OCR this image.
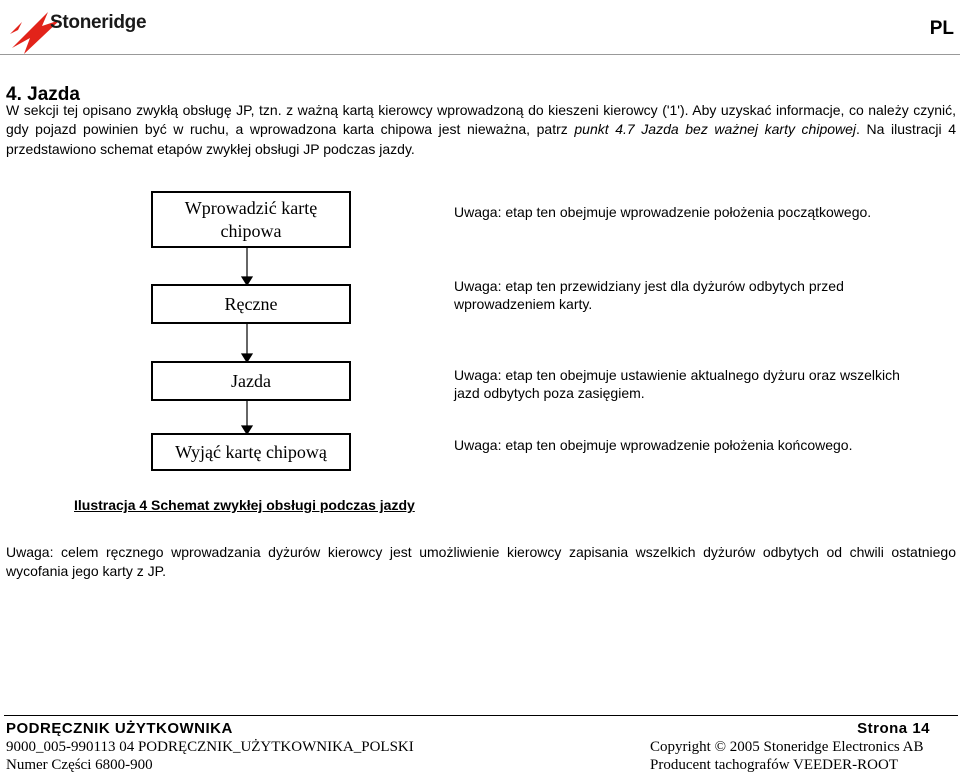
Stoneridge	PL
4. Jazda
W sekcji tej opisano zwykłą obsługę JP, tzn. z ważną kartą kierowcy wprowadzoną do kieszeni kierowcy ('1'). Aby uzyskać informacje, co należy czynić, gdy pojazd powinien być w ruchu, a wprowadzona karta chipowa jest nieważna, patrz punkt 4.7 Jazda bez ważnej karty chipowej. Na ilustracji 4 przedstawiono schemat etapów zwykłej obsługi JP podczas jazdy.
Wprowadzić kartę
chipowa
Ręczne
Jazda
Wyjąć kartę chipową
Uwaga: etap ten obejmuje wprowadzenie położenia początkowego.
Uwaga: etap ten przewidziany jest dla dyżurów odbytych przed wprowadzeniem karty.
Uwaga: etap ten obejmuje ustawienie aktualnego dyżuru oraz wszelkich jazd odbytych poza zasięgiem.
Uwaga: etap ten obejmuje wprowadzenie położenia końcowego.
Ilustracja 4 Schemat zwykłej obsługi podczas jazdy
Uwaga: celem ręcznego wprowadzania dyżurów kierowcy jest umożliwienie kierowcy zapisania wszelkich dyżurów odbytych od chwili ostatniego wycofania jego karty z JP.
PODRĘCZNIK UŻYTKOWNIKA	Strona 14
9000_005-990113 04 PODRĘCZNIK_UŻYTKOWNIKA_POLSKI
Numer Części 6800-900
Copyright © 2005 Stoneridge Electronics AB
Producent tachografów VEEDER-ROOT
